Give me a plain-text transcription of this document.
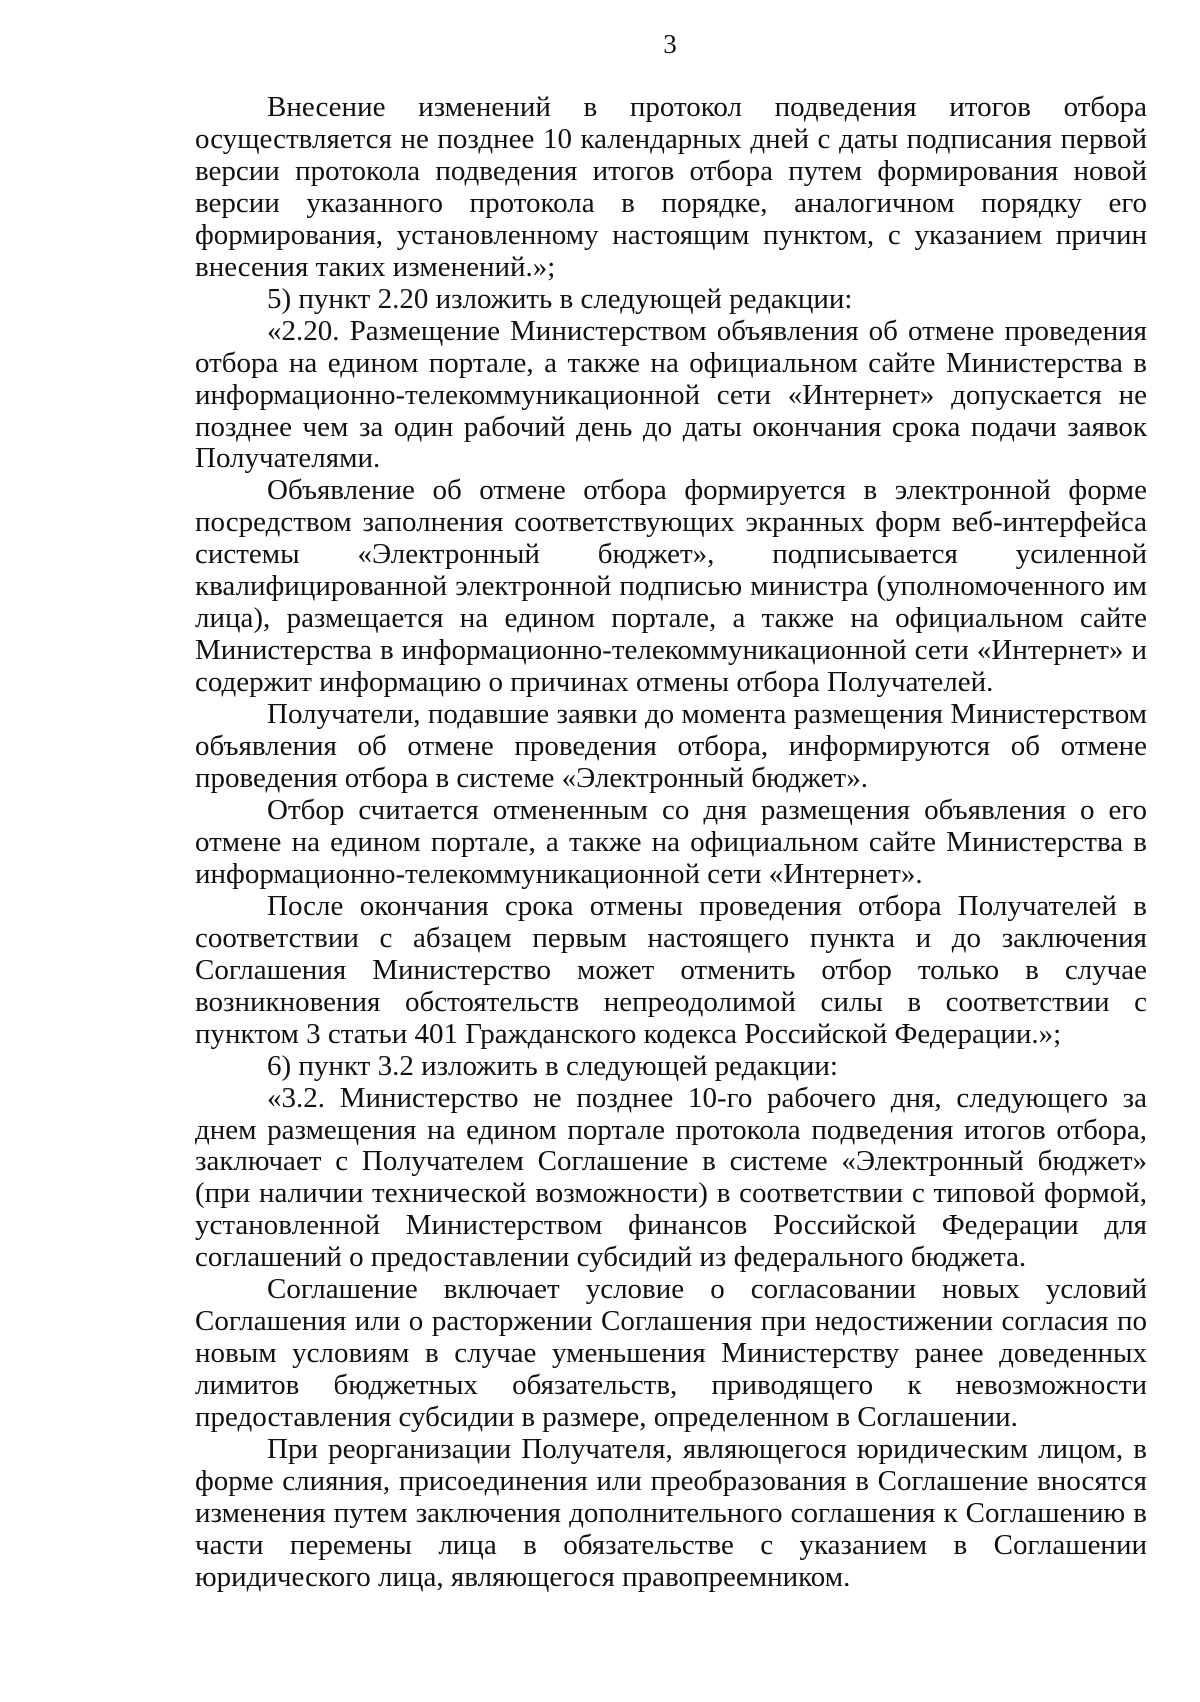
3

Внесение изменений в протокол подведения итогов отбора осуществляется не позднее 10 календарных дней с даты подписания первой версии протокола подведения итогов отбора путем формирования новой версии указанного протокола в порядке, аналогичном порядку его формирования, установленному настоящим пунктом, с указанием причин внесения таких изменений.»;

5) пункт 2.20 изложить в следующей редакции:

«2.20. Размещение Министерством объявления об отмене проведения отбора на едином портале, а также на официальном сайте Министерства в информационно-телекоммуникационной сети «Интернет» допускается не позднее чем за один рабочий день до даты окончания срока подачи заявок Получателями.

Объявление об отмене отбора формируется в электронной форме посредством заполнения соответствующих экранных форм веб-интерфейса системы «Электронный бюджет», подписывается усиленной квалифицированной электронной подписью министра (уполномоченного им лица), размещается на едином портале, а также на официальном сайте Министерства в информационно-телекоммуникационной сети «Интернет» и содержит информацию о причинах отмены отбора Получателей.

Получатели, подавшие заявки до момента размещения Министерством объявления об отмене проведения отбора, информируются об отмене проведения отбора в системе «Электронный бюджет».

Отбор считается отмененным со дня размещения объявления о его отмене на едином портале, а также на официальном сайте Министерства в информационно-телекоммуникационной сети «Интернет».

После окончания срока отмены проведения отбора Получателей в соответствии с абзацем первым настоящего пункта и до заключения Соглашения Министерство может отменить отбор только в случае возникновения обстоятельств непреодолимой силы в соответствии с пунктом 3 статьи 401 Гражданского кодекса Российской Федерации.»;

6) пункт 3.2 изложить в следующей редакции:

«3.2. Министерство не позднее 10-го рабочего дня, следующего за днем размещения на едином портале протокола подведения итогов отбора, заключает с Получателем Соглашение в системе «Электронный бюджет» (при наличии технической возможности) в соответствии с типовой формой, установленной Министерством финансов Российской Федерации для соглашений о предоставлении субсидий из федерального бюджета.

Соглашение включает условие о согласовании новых условий Соглашения или о расторжении Соглашения при недостижении согласия по новым условиям в случае уменьшения Министерству ранее доведенных лимитов бюджетных обязательств, приводящего к невозможности предоставления субсидии в размере, определенном в Соглашении.

При реорганизации Получателя, являющегося юридическим лицом, в форме слияния, присоединения или преобразования в Соглашение вносятся изменения путем заключения дополнительного соглашения к Соглашению в части перемены лица в обязательстве с указанием в Соглашении юридического лица, являющегося правопреемником.
